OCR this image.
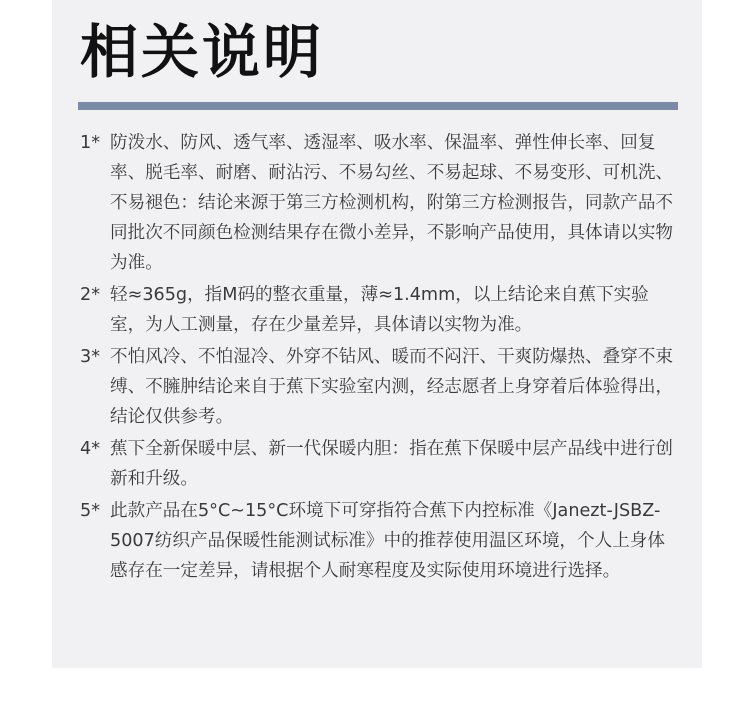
相关说明
1* 防泼水、防风、透气率、透湿率、吸水率、保温率、弹性伸长率、回复率、脱毛率、耐磨、耐沾污、不易勾丝、不易起球、不易变形、可机洗、不易褪色：结论来源于第三方检测机构，附第三方检测报告，同款产品不同批次不同颜色检测结果存在微小差异，不影响产品使用，具体请以实物为准。
2* 轻≈365g，指M码的整衣重量，薄≈1.4mm，以上结论来自蕉下实验室，为人工测量，存在少量差异，具体请以实物为准。
3* 不怕风冷、不怕湿冷、外穿不钻风、暖而不闷汗、干爽防爆热、叠穿不束缚、不臃肿结论来自于蕉下实验室内测，经志愿者上身穿着后体验得出，结论仅供参考。
4* 蕉下全新保暖中层、新一代保暖内胆：指在蕉下保暖中层产品线中进行创新和升级。
5* 此款产品在5°C~15°C环境下可穿指符合蕉下内控标准《Janezt-JSBZ-5007纺织产品保暖性能测试标准》中的推荐使用温区环境，个人上身体感存在一定差异，请根据个人耐寒程度及实际使用环境进行选择。
